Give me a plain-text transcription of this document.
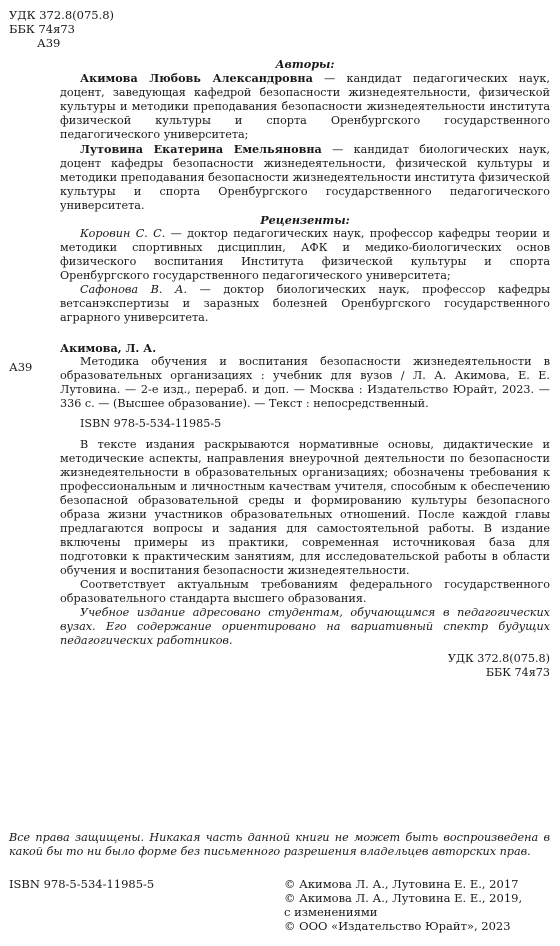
УДК 372.8(075.8)
ББК 74я73
А39

Авторы:

Акимова Любовь Александровна — кандидат педагогических наук, доцент, заведующая кафедрой безопасности жизнедеятельности, физической культуры и методики преподавания безопасности жизнедеятельности института физической культуры и спорта Оренбургского государственного педагогического университета;

Лутовина Екатерина Емельяновна — кандидат биологических наук, доцент кафедры безопасности жизнедеятельности, физической культуры и методики преподавания безопасности жизнедеятельности института физической культуры и спорта Оренбургского государственного педагогического университета.

Рецензенты:

Коровин С. С. — доктор педагогических наук, профессор кафедры теории и методики спортивных дисциплин, АФК и медико-биологических основ физического воспитания Института физической культуры и спорта Оренбургского государственного педагогического университета;

Сафонова В. А. — доктор биологических наук, профессор кафедры ветсанэкспертизы и заразных болезней Оренбургского государственного аграрного университета.

А39

Акимова, Л. А.

Методика обучения и воспитания безопасности жизнедеятельности в образовательных организациях : учебник для вузов / Л. А. Акимова, Е. Е. Лутовина. — 2-е изд., перераб. и доп. — Москва : Издательство Юрайт, 2023. — 336 с. — (Высшее образование). — Текст : непосредственный.

ISBN 978-5-534-11985-5

В тексте издания раскрываются нормативные основы, дидактические и методические аспекты, направления внеурочной деятельности по безопасности жизнедеятельности в образовательных организациях; обозначены требования к профессиональным и личностным качествам учителя, способным к обеспечению безопасной образовательной среды и формированию культуры безопасного образа жизни участников образовательных отношений. После каждой главы предлагаются вопросы и задания для самостоятельной работы. В издание включены примеры из практики, современная источниковая база для подготовки к практическим занятиям, для исследовательской работы в области обучения и воспитания безопасности жизнедеятельности.

Соответствует актуальным требованиям федерального государственного образовательного стандарта высшего образования.

Учебное издание адресовано студентам, обучающимся в педагогических вузах. Его содержание ориентировано на вариативный спектр будущих педагогических работников.

УДК 372.8(075.8)
ББК 74я73
Все права защищены. Никакая часть данной книги не может быть воспроизведена в какой бы то ни было форме без письменного разрешения владельцев авторских прав.
ISBN 978-5-534-11985-5	© Акимова Л. А., Лутовина Е. Е., 2017
© Акимова Л. А., Лутовина Е. Е., 2019,
с изменениями
© ООО «Издательство Юрайт», 2023
